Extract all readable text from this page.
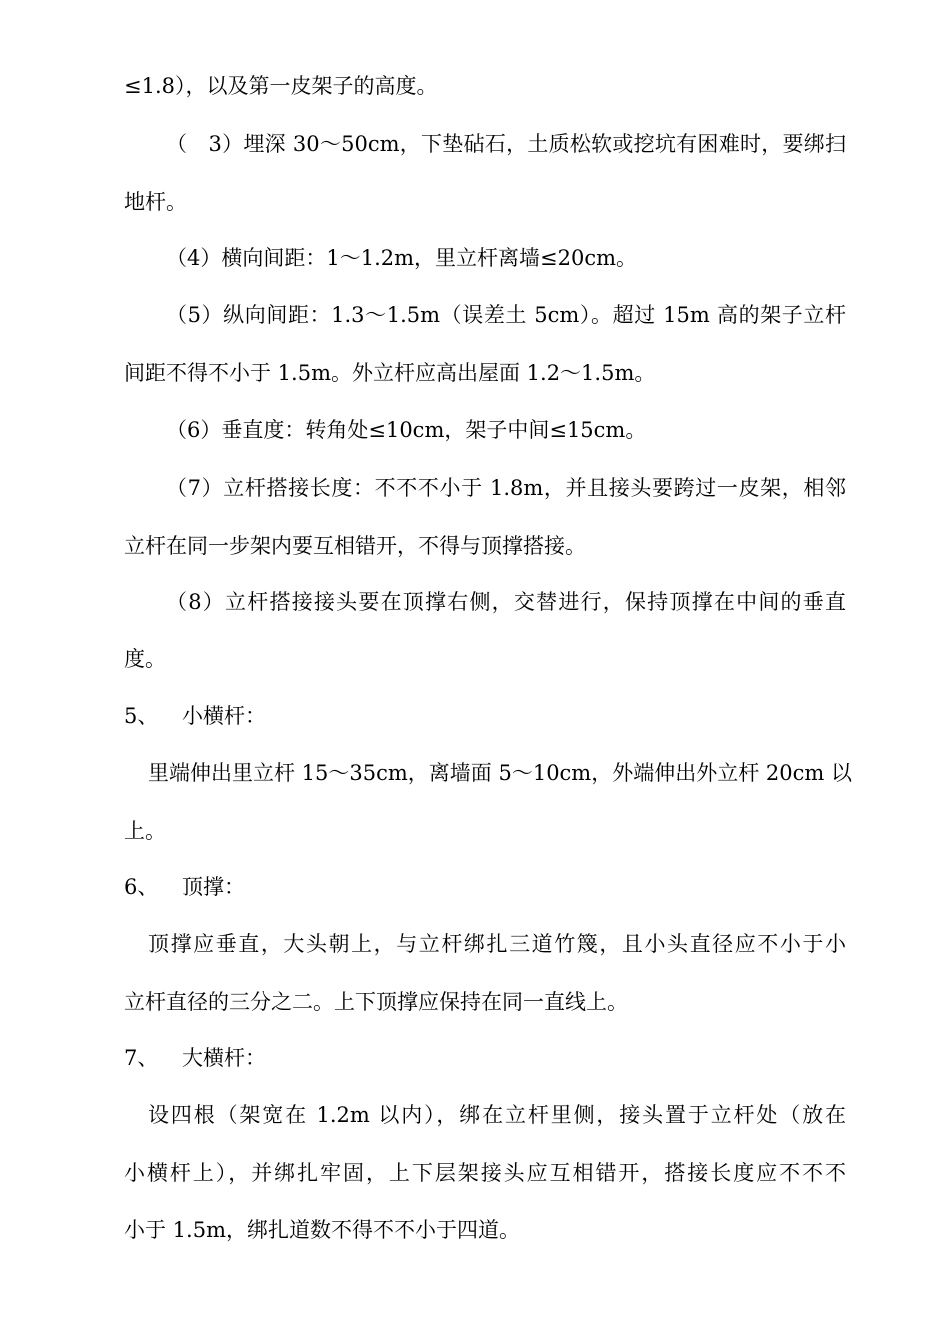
≤1.8），以及第一皮架子的高度。
（　3）埋深 30～50cm，下垫砧石，土质松软或挖坑有困难时，要绑扫
地杆。
（4）横向间距：1～1.2m，里立杆离墙≤20cm。
（5）纵向间距：1.3～1.5m（误差土 5cm）。超过 15m 高的架子立杆
间距不得不小于 1.5m。外立杆应高出屋面 1.2～1.5m。
（6）垂直度：转角处≤10cm，架子中间≤15cm。
（7）立杆搭接长度：不不不小于 1.8m，并且接头要跨过一皮架，相邻
立杆在同一步架内要互相错开，不得与顶撑搭接。
（8）立杆搭接接头要在顶撑右侧，交替进行，保持顶撑在中间的垂直
度。
5、	小横杆：
里端伸出里立杆 15～35cm，离墙面 5～10cm，外端伸出外立杆 20cm 以
上。
6、	顶撑：
顶撑应垂直，大头朝上，与立杆绑扎三道竹篾，且小头直径应不小于小
立杆直径的三分之二。上下顶撑应保持在同一直线上。
7、	大横杆：
设四根（架宽在 1.2m 以内），绑在立杆里侧，接头置于立杆处（放在
小横杆上），并绑扎牢固，上下层架接头应互相错开，搭接长度应不不不
小于 1.5m，绑扎道数不得不不小于四道。
